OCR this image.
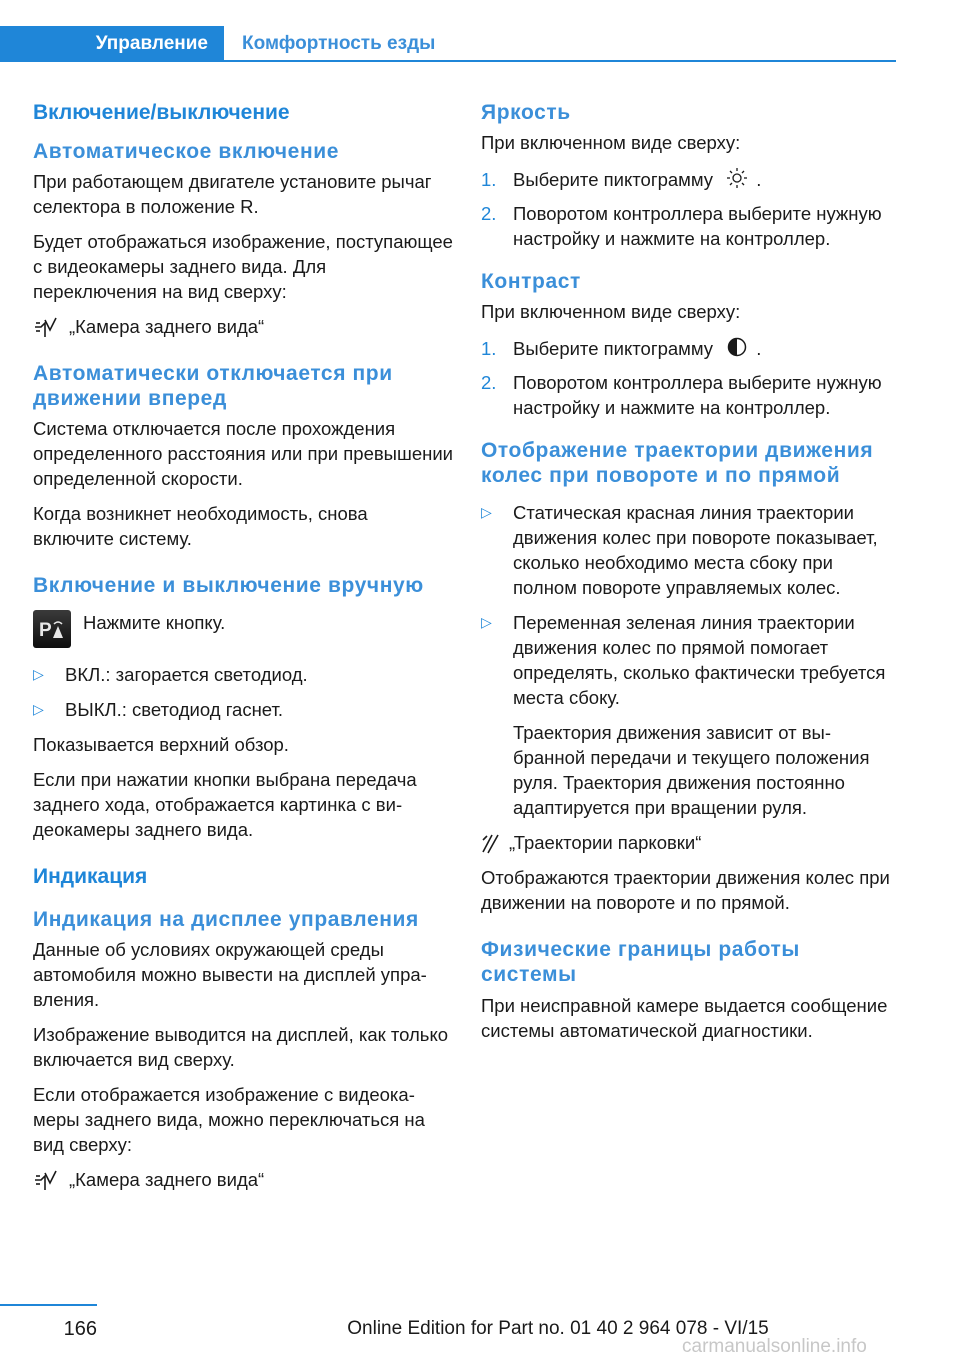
Управление	Комфортность езды
Включение/выключение
Автоматическое включение

При работающем двигателе установите рычаг селектора в положение R.

Будет отображаться изображение, поступающее с видеокамеры заднего вида. Для переключения на вид сверху:

„Камера заднего вида“
Автоматически отключается при движении вперед

Система отключается после прохождения определенного расстояния или при превышении определенной скорости.

Когда возникнет необходимость, снова включите систему.

Включение и выключение вручную
P Нажмите кнопку.
▷	ВКЛ.: загорается светодиод.
▷	ВЫКЛ.: светодиод гаснет.

Показывается верхний обзор.

Если при нажатии кнопки выбрана передача заднего хода, отображается картинка с видеокамеры заднего вида.

Индикация
Индикация на дисплее управления

Данные об условиях окружающей среды автомобиля можно вывести на дисплей управления.

Изображение выводится на дисплей, как только включается вид сверху.

Если отображается изображение с видеокамеры заднего вида, можно переключаться на вид сверху:

„Камера заднего вида“
Яркость

При включенном виде сверху:

1. Выберите пиктограмму .
2. Поворотом контроллера выберите нужную настройку и нажмите на контроллер.
Контраст

При включенном виде сверху:

1. Выберите пиктограмму .
2. Поворотом контроллера выберите нужную настройку и нажмите на контроллер.
Отображение траектории движения колес при повороте и по прямой
▷	Статическая красная линия траектории движения колес при повороте показывает, сколько необходимо места сбоку при полном повороте управляемых колес.
▷	Переменная зеленая линия траектории движения колес по прямой помогает определять, сколько фактически требуется места сбоку.

Траектория движения зависит от выбранной передачи и текущего положения руля. Траектория движения постоянно адаптируется при вращении руля.

„Траектории парковки“

Отображаются траектории движения колес при движении на повороте и по прямой.

Физические границы работы системы

При неисправной камере выдается сообщение системы автоматической диагностики.

166	Online Edition for Part no. 01 40 2 964 078 - VI/15
carmanualsonline.info
